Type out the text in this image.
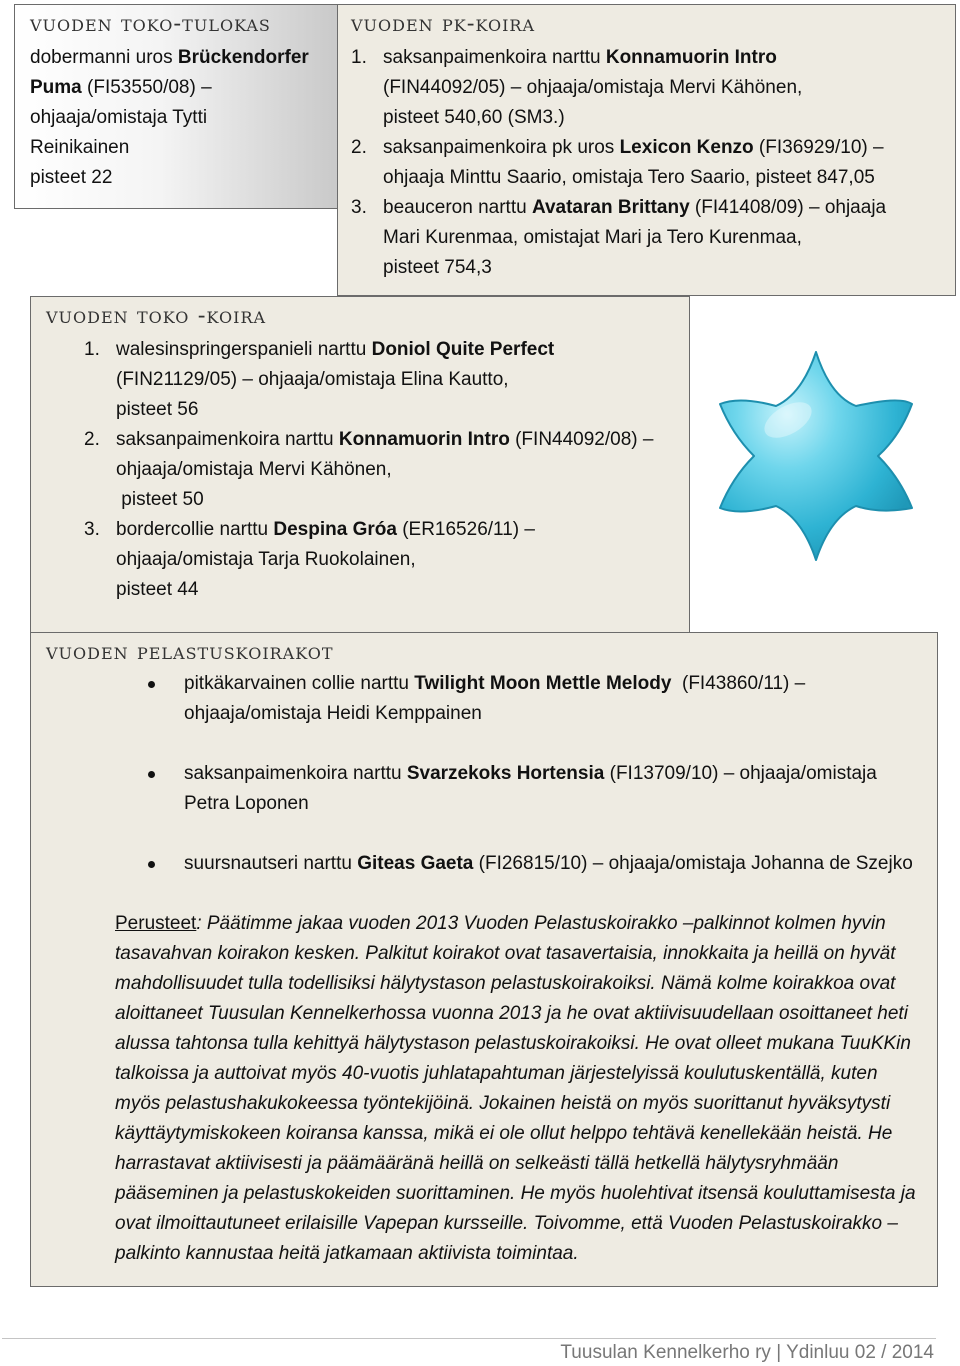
vuoden toko-tulokas
dobermanni uros Brückendorfer
Puma (FI53550/08) –
ohjaaja/omistaja Tytti
Reinikainen
pisteet 22
vuoden pk-koira
1. saksanpaimenkoira narttu Konnamuorin Intro
(FIN44092/05) – ohjaaja/omistaja Mervi Kähönen,
pisteet 540,60 (SM3.)
2. saksanpaimenkoira pk uros Lexicon Kenzo (FI36929/10) –
ohjaaja Minttu Saario, omistaja Tero Saario, pisteet 847,05
3. beauceron narttu Avataran Brittany (FI41408/09) – ohjaaja
Mari Kurenmaa, omistajat Mari ja Tero Kurenmaa,
pisteet 754,3
vuoden toko -koira
1. walesinspringerspanieli narttu Doniol Quite Perfect
(FIN21129/05) – ohjaaja/omistaja Elina Kautto,
pisteet 56
2. saksanpaimenkoira narttu Konnamuorin Intro (FIN44092/08) –
ohjaaja/omistaja Mervi Kähönen,
pisteet 50
3. bordercollie narttu Despina Gróa (ER16526/11) –
ohjaaja/omistaja Tarja Ruokolainen,
pisteet 44
vuoden pelastuskoirakot
pitkäkarvainen collie narttu Twilight Moon Mettle Melody  (FI43860/11) –
ohjaaja/omistaja Heidi Kemppainen
saksanpaimenkoira narttu Svarzekoks Hortensia (FI13709/10) – ohjaaja/omistaja
Petra Loponen
suursnautseri narttu Giteas Gaeta (FI26815/10) – ohjaaja/omistaja Johanna de Szejko
Perusteet: Päätimme jakaa vuoden 2013 Vuoden Pelastuskoirakko –palkinnot kolmen hyvin tasavahvan koirakon kesken. Palkitut koirakot ovat tasavertaisia, innokkaita ja heillä on hyvät mahdollisuudet tulla todellisiksi hälytystason pelastuskoirakoiksi. Nämä kolme koirakkoa ovat aloittaneet Tuusulan Kennelkerhossa vuonna 2013 ja he ovat aktiivisuudellaan osoittaneet heti alussa tahtonsa tulla kehittyä hälytystason pelastuskoirakoiksi. He ovat olleet mukana TuuKKin talkoissa ja auttoivat myös 40-vuotis juhlatapahtuman järjestelyissä koulutuskentällä, kuten myös pelastushakukokeessa työntekijöinä. Jokainen heistä on myös suorittanut hyväksytysti käyttäytymiskokeen koiransa kanssa, mikä ei ole ollut helppo tehtävä kenellekään heistä. He harrastavat aktiivisesti ja päämääränä heillä on selkeästi tällä hetkellä hälytysryhmään pääseminen ja pelastuskokeiden suorittaminen. He myös huolehtivat itsensä kouluttamisesta ja ovat ilmoittautuneet erilaisille Vapepan kursseille. Toivomme, että Vuoden Pelastuskoirakko –palkinto kannustaa heitä jatkamaan aktiivista toimintaa.
Tuusulan Kennelkerho ry | Ydinluu 02 / 2014
